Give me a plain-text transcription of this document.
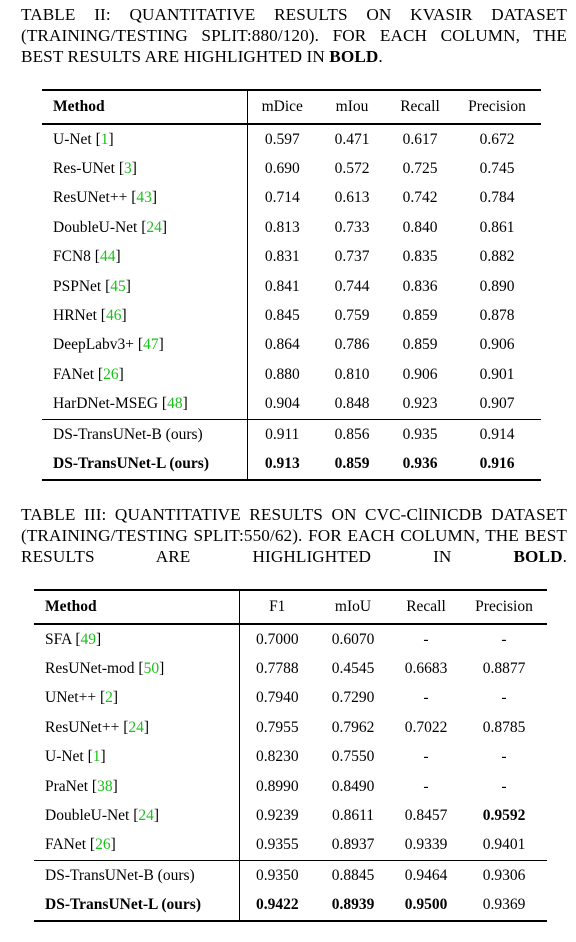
TABLE II: QUANTITATIVE RESULTS ON KVASIR DATASET (TRAINING/TESTING SPLIT:880/120). FOR EACH COLUMN, THE BEST RESULTS ARE HIGHLIGHTED IN BOLD.
Method	mDice	mIou	Recall	Precision
U-Net [1]	0.597	0.471	0.617	0.672
Res-UNet [3]	0.690	0.572	0.725	0.745
ResUNet++ [43]	0.714	0.613	0.742	0.784
DoubleU-Net [24]	0.813	0.733	0.840	0.861
FCN8 [44]	0.831	0.737	0.835	0.882
PSPNet [45]	0.841	0.744	0.836	0.890
HRNet [46]	0.845	0.759	0.859	0.878
DeepLabv3+ [47]	0.864	0.786	0.859	0.906
FANet [26]	0.880	0.810	0.906	0.901
HarDNet-MSEG [48]	0.904	0.848	0.923	0.907
DS-TransUNet-B (ours)	0.911	0.856	0.935	0.914
DS-TransUNet-L (ours)	0.913	0.859	0.936	0.916
TABLE III: QUANTITATIVE RESULTS ON CVC-ClINICDB DATASET (TRAINING/TESTING SPLIT:550/62). FOR EACH COLUMN, THE BEST RESULTS ARE HIGHLIGHTED IN BOLD.
Method	F1	mIoU	Recall	Precision
SFA [49]	0.7000	0.6070	-	-
ResUNet-mod [50]	0.7788	0.4545	0.6683	0.8877
UNet++ [2]	0.7940	0.7290	-	-
ResUNet++ [24]	0.7955	0.7962	0.7022	0.8785
U-Net [1]	0.8230	0.7550	-	-
PraNet [38]	0.8990	0.8490	-	-
DoubleU-Net [24]	0.9239	0.8611	0.8457	0.9592
FANet [26]	0.9355	0.8937	0.9339	0.9401
DS-TransUNet-B (ours)	0.9350	0.8845	0.9464	0.9306
DS-TransUNet-L (ours)	0.9422	0.8939	0.9500	0.9369
